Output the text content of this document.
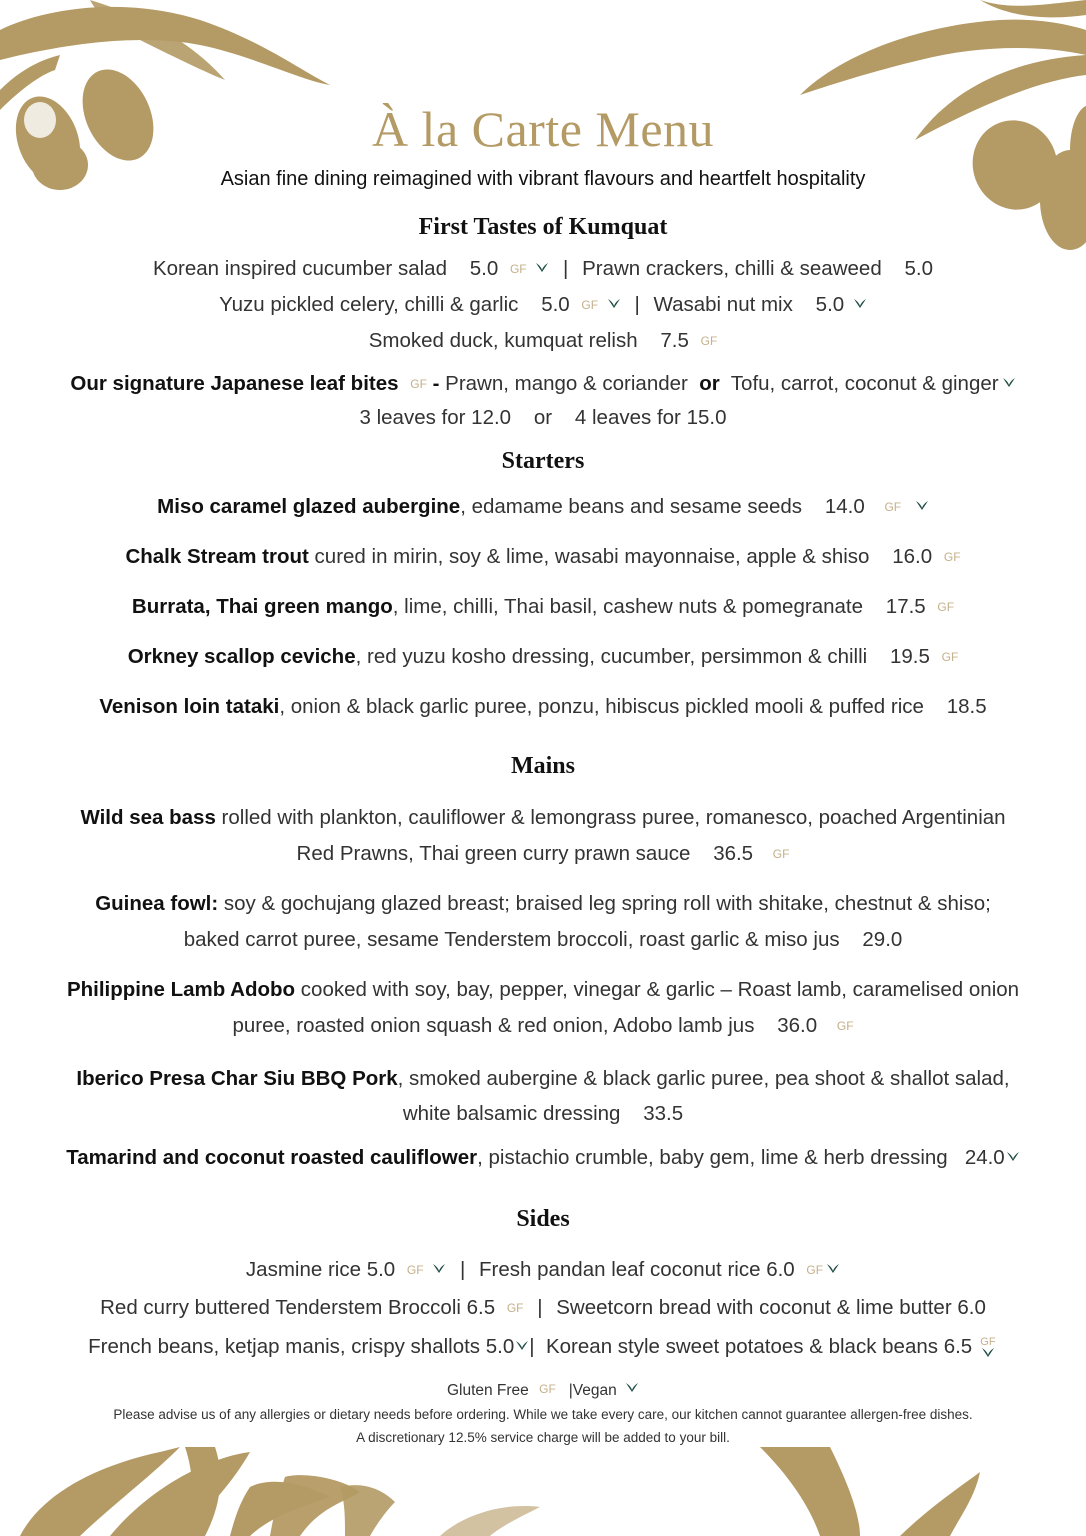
À la Carte Menu
Asian fine dining reimagined with vibrant flavours and heartfelt hospitality
First Tastes of Kumquat
Korean inspired cucumber salad 5.0 GF | Prawn crackers, chilli & seaweed 5.0
Yuzu pickled celery, chilli & garlic 5.0 GF | Wasabi nut mix 5.0
Smoked duck, kumquat relish 7.5 GF
Our signature Japanese leaf bites GF - Prawn, mango & coriander or Tofu, carrot, coconut & ginger
3 leaves for 12.0 or 4 leaves for 15.0
Starters
Miso caramel glazed aubergine, edamame beans and sesame seeds 14.0 GF
Chalk Stream trout cured in mirin, soy & lime, wasabi mayonnaise, apple & shiso 16.0 GF
Burrata, Thai green mango, lime, chilli, Thai basil, cashew nuts & pomegranate 17.5 GF
Orkney scallop ceviche, red yuzu kosho dressing, cucumber, persimmon & chilli 19.5 GF
Venison loin tataki, onion & black garlic puree, ponzu, hibiscus pickled mooli & puffed rice 18.5
Mains
Wild sea bass rolled with plankton, cauliflower & lemongrass puree, romanesco, poached Argentinian
Red Prawns, Thai green curry prawn sauce 36.5 GF
Guinea fowl: soy & gochujang glazed breast; braised leg spring roll with shitake, chestnut & shiso;
baked carrot puree, sesame Tenderstem broccoli, roast garlic & miso jus 29.0
Philippine Lamb Adobo cooked with soy, bay, pepper, vinegar & garlic – Roast lamb, caramelised onion
puree, roasted onion squash & red onion, Adobo lamb jus 36.0 GF
Iberico Presa Char Siu BBQ Pork, smoked aubergine & black garlic puree, pea shoot & shallot salad,
white balsamic dressing 33.5
Tamarind and coconut roasted cauliflower, pistachio crumble, baby gem, lime & herb dressing 24.0
Sides
Jasmine rice 5.0 GF | Fresh pandan leaf coconut rice 6.0 GF
Red curry buttered Tenderstem Broccoli 6.5 GF | Sweetcorn bread with coconut & lime butter 6.0
French beans, ketjap manis, crispy shallots 5.0 | Korean style sweet potatoes & black beans 6.5 GF
Gluten Free GF |Vegan
Please advise us of any allergies or dietary needs before ordering. While we take every care, our kitchen cannot guarantee allergen-free dishes.
A discretionary 12.5% service charge will be added to your bill.
